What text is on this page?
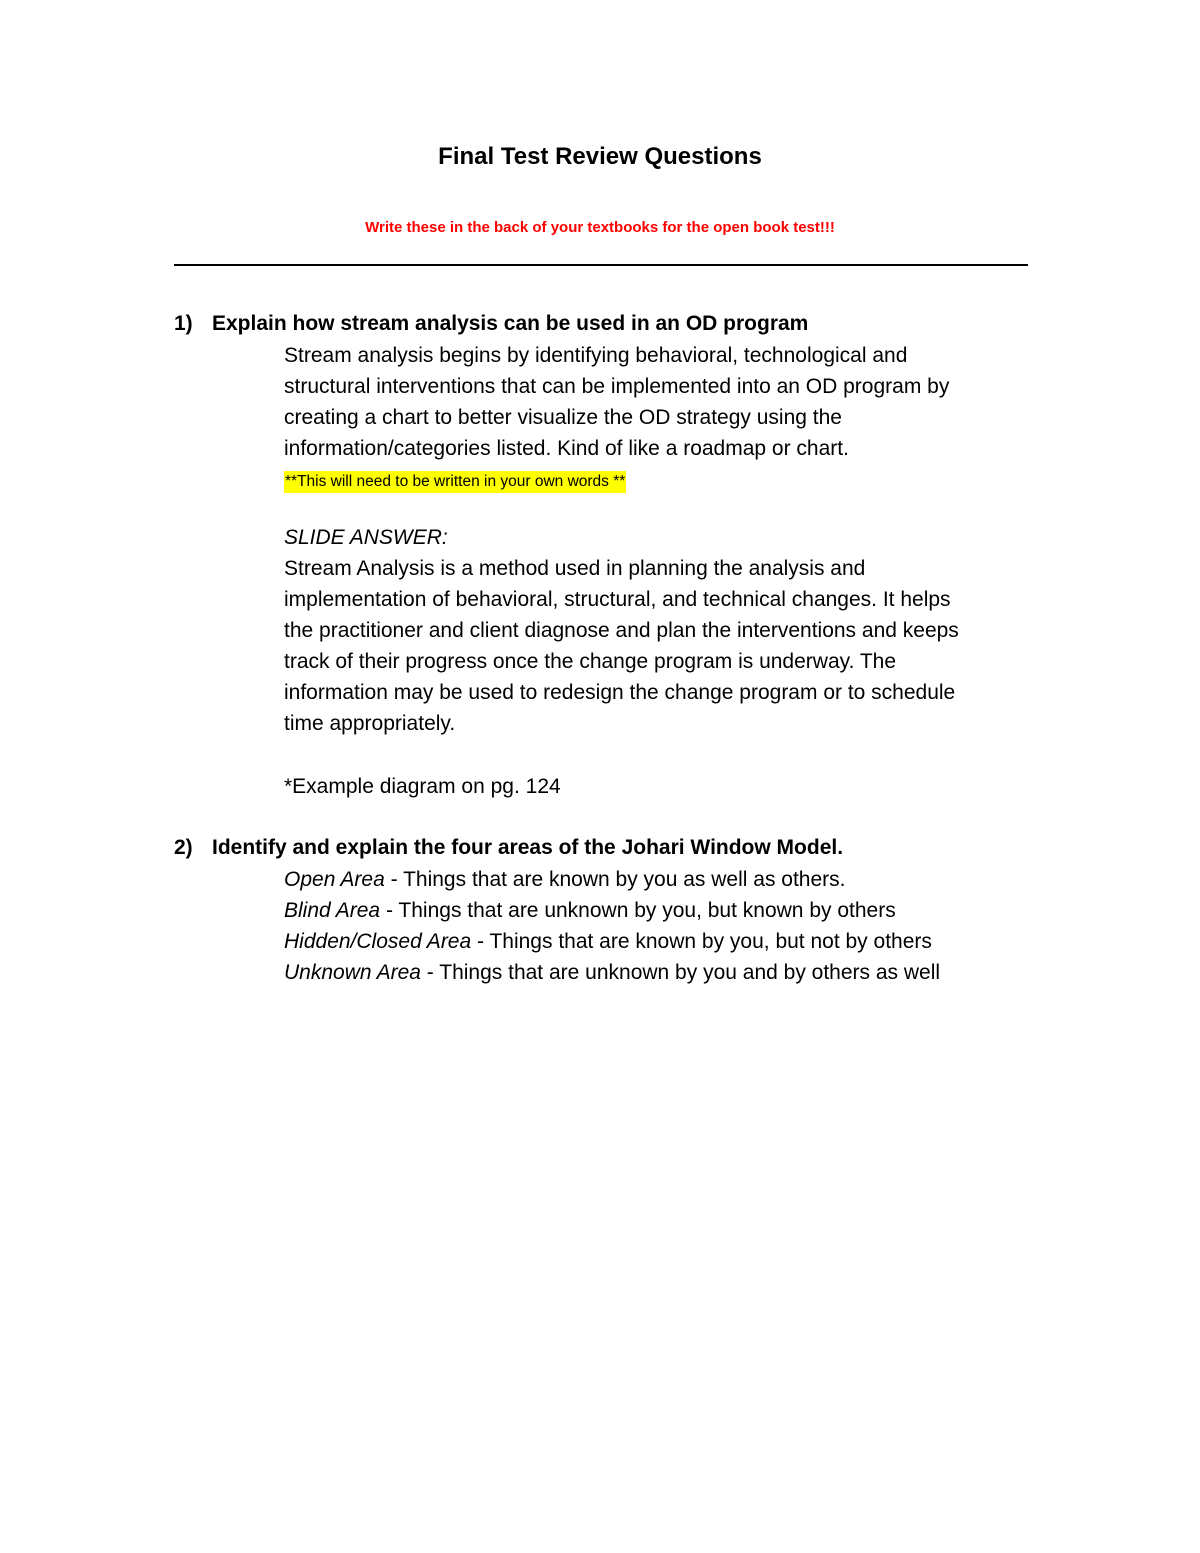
Final Test Review Questions
Write these in the back of your textbooks for the open book test!!!
1) Explain how stream analysis can be used in an OD program
Stream analysis begins by identifying behavioral, technological and
structural interventions that can be implemented into an OD program by
creating a chart to better visualize the OD strategy using the
information/categories listed. Kind of like a roadmap or chart.
**This will need to be written in your own words **
SLIDE ANSWER:
Stream Analysis is a method used in planning the analysis and
implementation of behavioral, structural, and technical changes. It helps
the practitioner and client diagnose and plan the interventions and keeps
track of their progress once the change program is underway. The
information may be used to redesign the change program or to schedule
time appropriately.
*Example diagram on pg. 124
2) Identify and explain the four areas of the Johari Window Model.
Open Area - Things that are known by you as well as others.
Blind Area - Things that are unknown by you, but known by others
Hidden/Closed Area - Things that are known by you, but not by others
Unknown Area - Things that are unknown by you and by others as well
